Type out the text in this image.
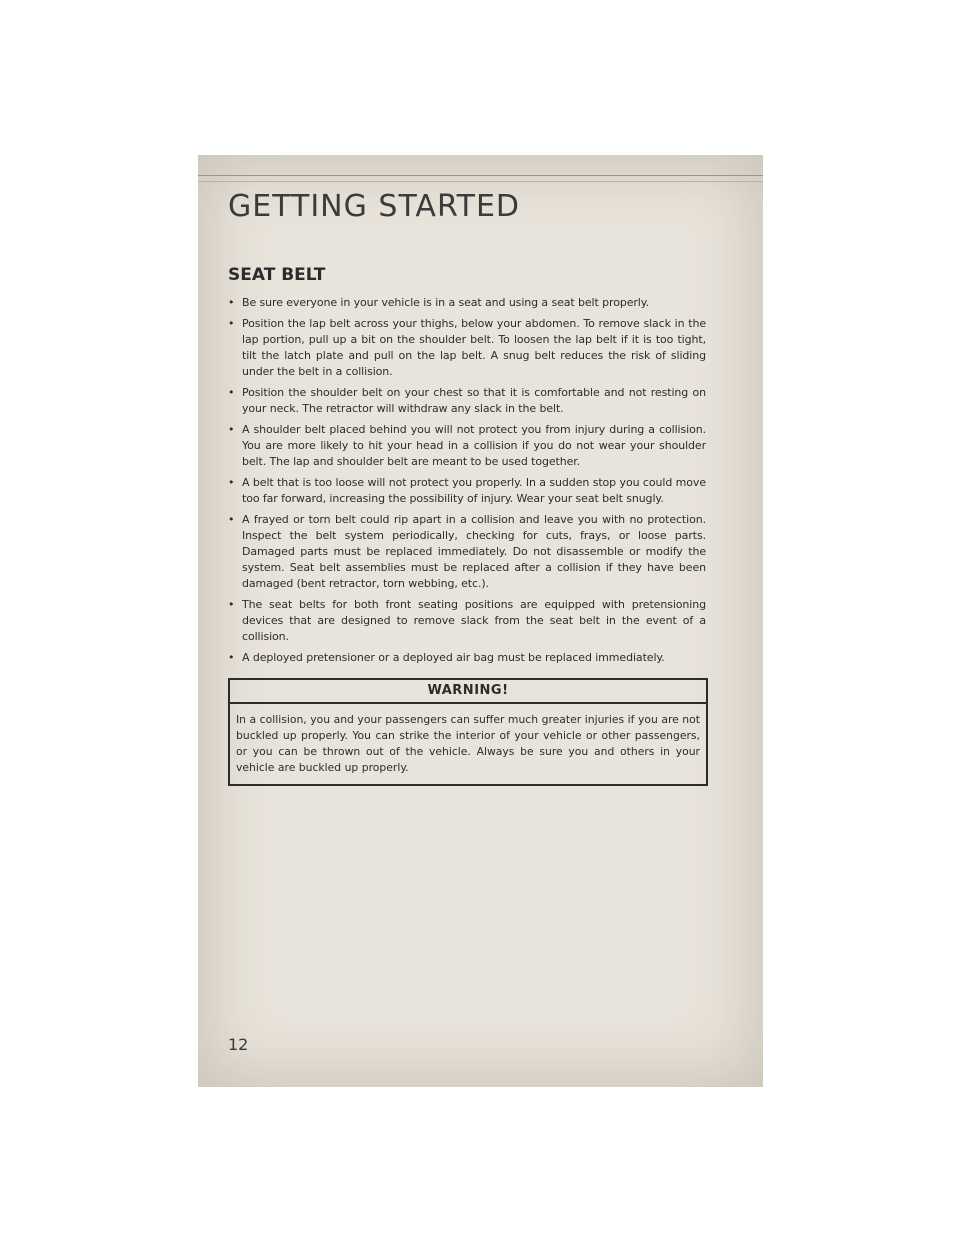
GETTING STARTED
SEAT BELT
• Be sure everyone in your vehicle is in a seat and using a seat belt properly.
• Position the lap belt across your thighs, below your abdomen. To remove slack in the lap portion, pull up a bit on the shoulder belt. To loosen the lap belt if it is too tight, tilt the latch plate and pull on the lap belt. A snug belt reduces the risk of sliding under the belt in a collision.
• Position the shoulder belt on your chest so that it is comfortable and not resting on your neck. The retractor will withdraw any slack in the belt.
• A shoulder belt placed behind you will not protect you from injury during a collision. You are more likely to hit your head in a collision if you do not wear your shoulder belt. The lap and shoulder belt are meant to be used together.
• A belt that is too loose will not protect you properly. In a sudden stop you could move too far forward, increasing the possibility of injury. Wear your seat belt snugly.
• A frayed or torn belt could rip apart in a collision and leave you with no protection. Inspect the belt system periodically, checking for cuts, frays, or loose parts. Damaged parts must be replaced immediately. Do not disassemble or modify the system. Seat belt assemblies must be replaced after a collision if they have been damaged (bent retractor, torn webbing, etc.).
• The seat belts for both front seating positions are equipped with pretensioning devices that are designed to remove slack from the seat belt in the event of a collision.
• A deployed pretensioner or a deployed air bag must be replaced immediately.
WARNING!
In a collision, you and your passengers can suffer much greater injuries if you are not buckled up properly. You can strike the interior of your vehicle or other passengers, or you can be thrown out of the vehicle. Always be sure you and others in your vehicle are buckled up properly.
12
